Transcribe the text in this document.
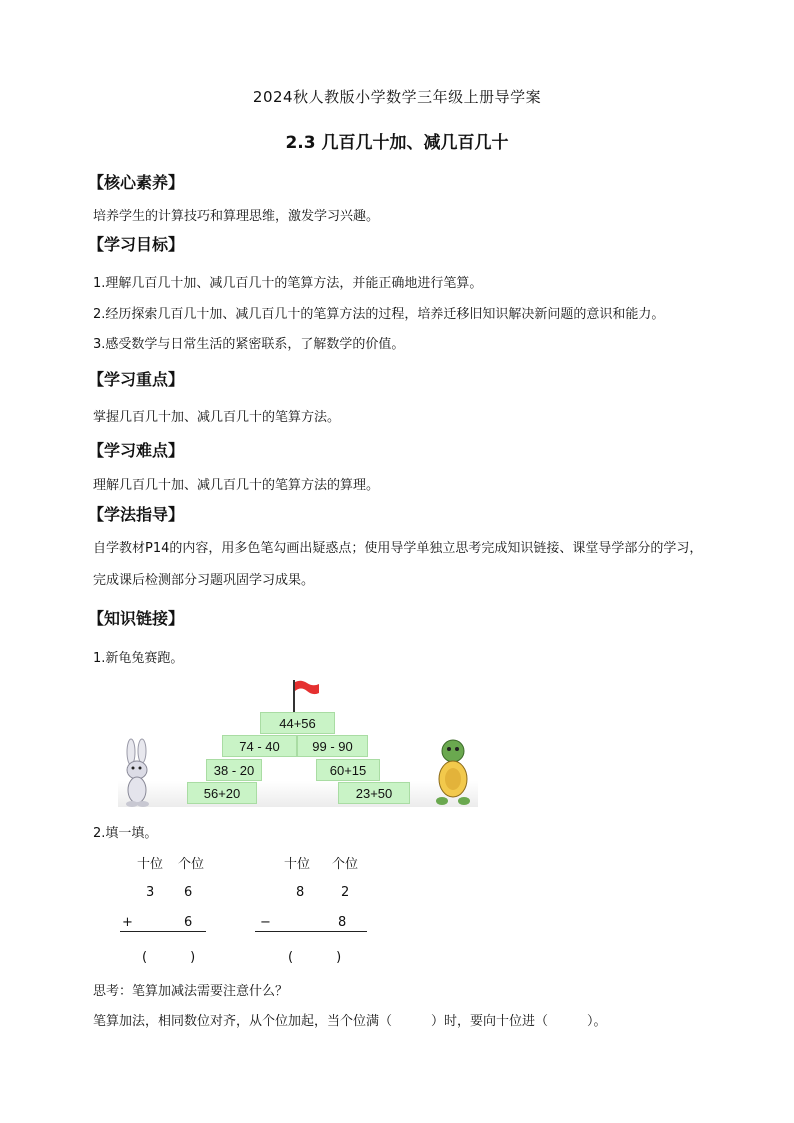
2024秋人教版小学数学三年级上册导学案
2.3 几百几十加、减几百几十
【核心素养】
培养学生的计算技巧和算理思维，激发学习兴趣。
【学习目标】
1.理解几百几十加、减几百几十的笔算方法，并能正确地进行笔算。
2.经历探索几百几十加、减几百几十的笔算方法的过程，培养迁移旧知识解决新问题的意识和能力。
3.感受数学与日常生活的紧密联系，了解数学的价值。
【学习重点】
掌握几百几十加、减几百几十的笔算方法。
【学习难点】
理解几百几十加、减几百几十的笔算方法的算理。
【学法指导】
自学教材P14的内容，用多色笔勾画出疑惑点；使用导学单独立思考完成知识链接、课堂导学部分的学习，完成课后检测部分习题巩固学习成果。
【知识链接】
1.新龟兔赛跑。
44+56
74 - 40	99 - 90
38 - 20	60+15
56+20	23+50
2.填一填。
十位 个位
3 6
+	6
(　　　)
十位 个位
8	2
−	8
(　　　)
思考：笔算加减法需要注意什么？
笔算加法，相同数位对齐，从个位加起，当个位满（　　　）时，要向十位进（　　　）。
